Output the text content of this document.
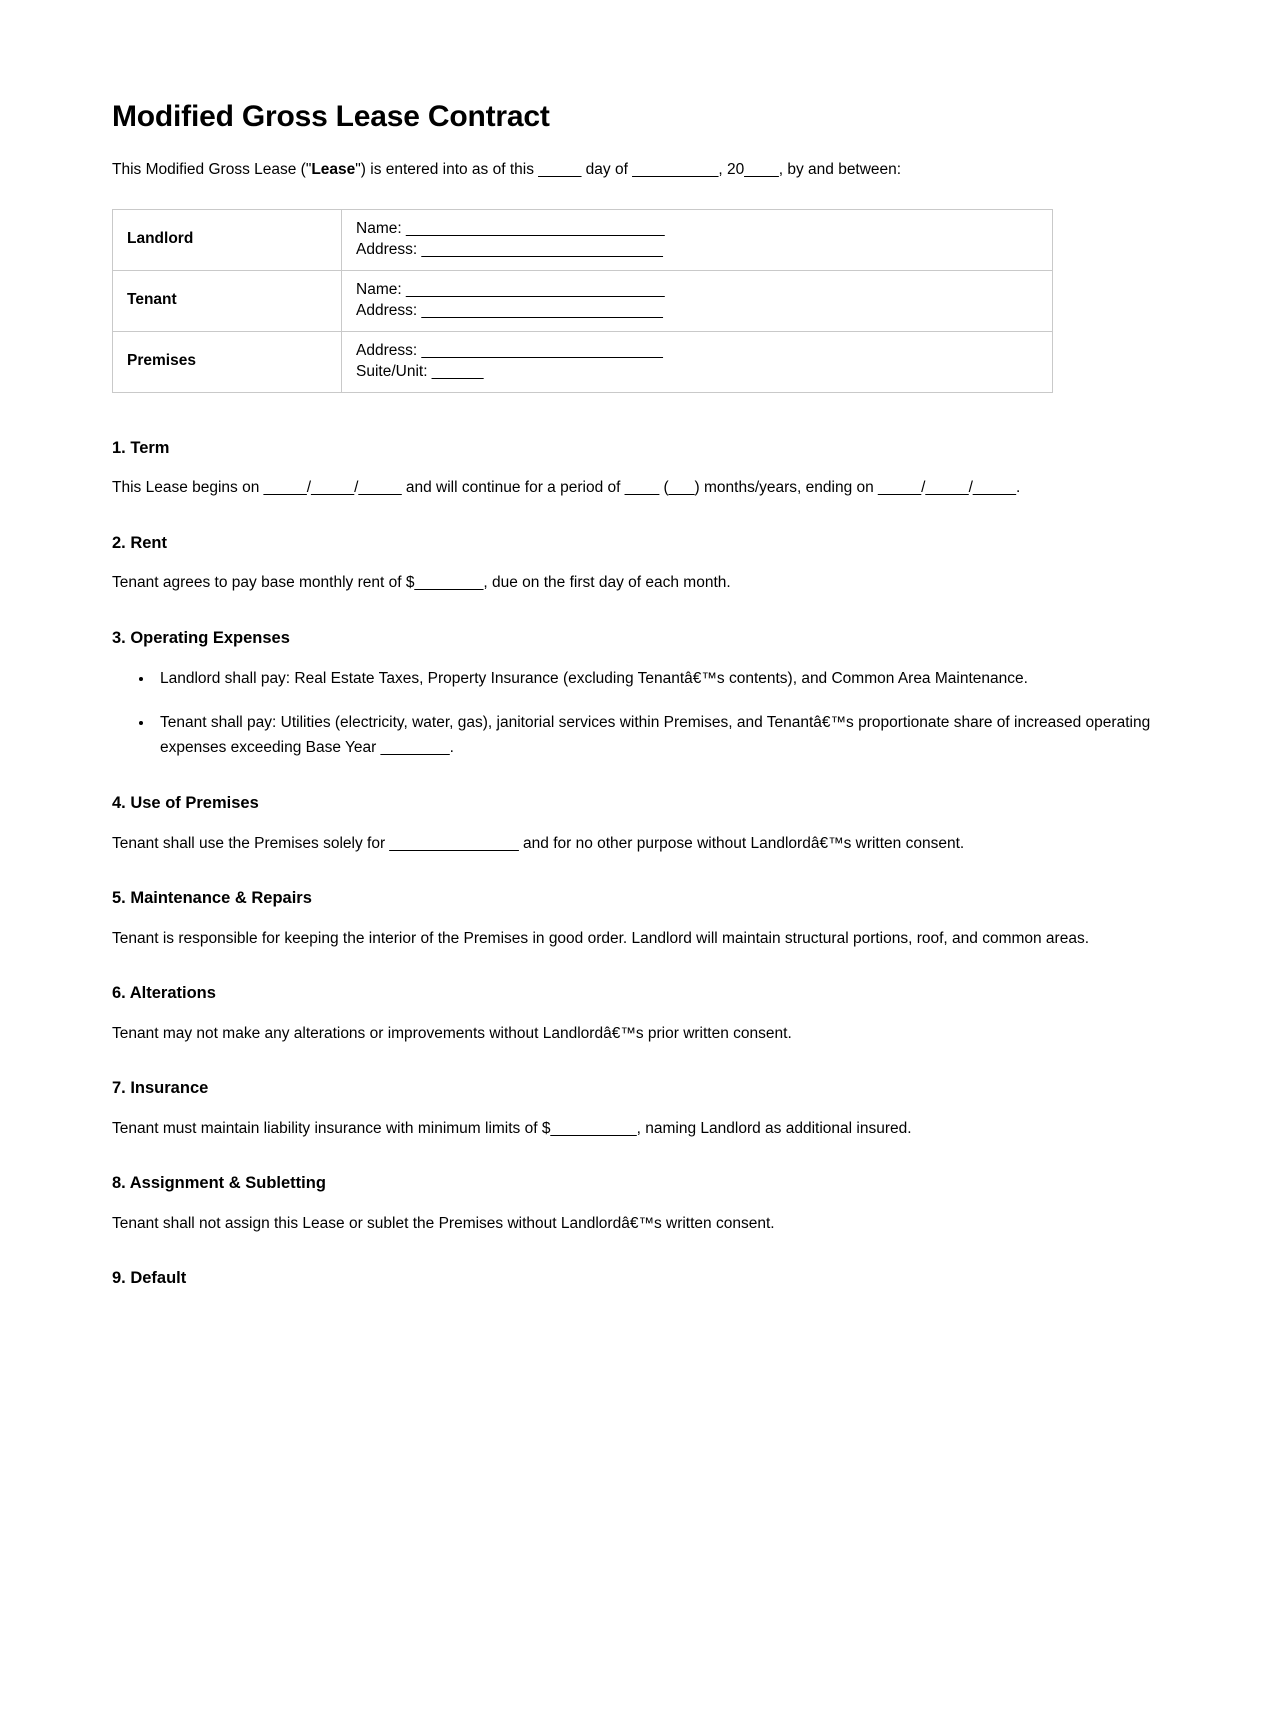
Modified Gross Lease Contract

This Modified Gross Lease ("Lease") is entered into as of this _____ day of __________, 20____, by and between:

Landlord	Name: ______________________________
Address: ____________________________

Tenant	Name: ______________________________
Address: ____________________________

Premises	Address: ____________________________
Suite/Unit: ______
1. Term

This Lease begins on _____/_____/_____ and will continue for a period of ____ (___) months/years, ending on _____/_____/_____.

2. Rent

Tenant agrees to pay base monthly rent of $________, due on the first day of each month.

3. Operating Expenses
• Landlord shall pay: Real Estate Taxes, Property Insurance (excluding Tenantâ€™s contents), and Common Area Maintenance.
• Tenant shall pay: Utilities (electricity, water, gas), janitorial services within Premises, and Tenantâ€™s proportionate share of increased operating expenses exceeding Base Year ________.
4. Use of Premises

Tenant shall use the Premises solely for _______________ and for no other purpose without Landlordâ€™s written consent.

5. Maintenance & Repairs

Tenant is responsible for keeping the interior of the Premises in good order. Landlord will maintain structural portions, roof, and common areas.

6. Alterations

Tenant may not make any alterations or improvements without Landlordâ€™s prior written consent.

7. Insurance

Tenant must maintain liability insurance with minimum limits of $__________, naming Landlord as additional insured.

8. Assignment & Subletting

Tenant shall not assign this Lease or sublet the Premises without Landlordâ€™s written consent.

9. Default
